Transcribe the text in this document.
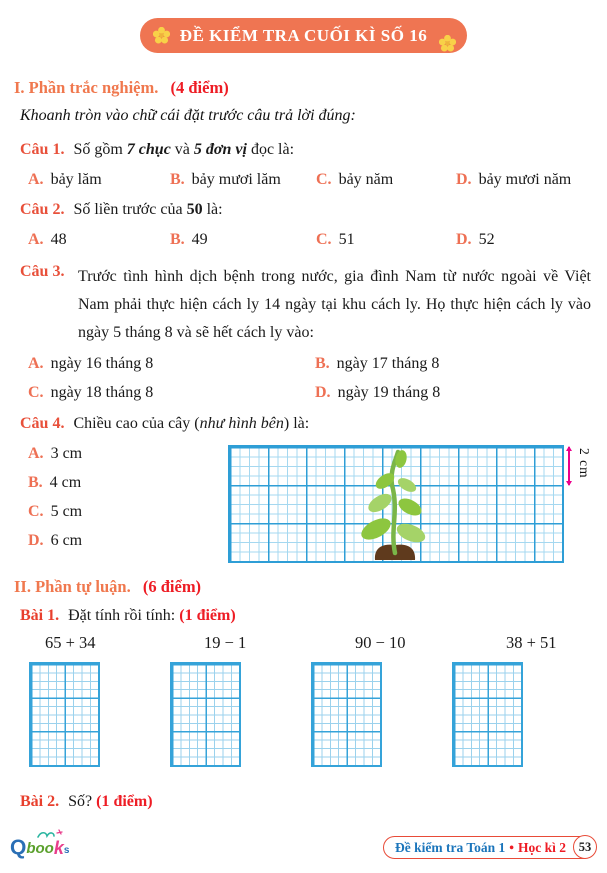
ĐỀ KIỂM TRA CUỐI KÌ SỐ 16
I. Phần trắc nghiệm. (4 điểm)
Khoanh tròn vào chữ cái đặt trước câu trả lời đúng:
Câu 1. Số gồm 7 chục và 5 đơn vị đọc là:
A. bảy lăm	B. bảy mươi lăm	C. bảy năm	D. bảy mươi năm
Câu 2. Số liền trước của 50 là:
A. 48	B. 49	C. 51	D. 52
Câu 3. Trước tình hình dịch bệnh trong nước, gia đình Nam từ nước ngoài về Việt Nam phải thực hiện cách ly 14 ngày tại khu cách ly. Họ thực hiện cách ly vào ngày 5 tháng 8 và sẽ hết cách ly vào:
A. ngày 16 tháng 8	B. ngày 17 tháng 8
C. ngày 18 tháng 8	D. ngày 19 tháng 8
Câu 4. Chiều cao của cây (như hình bên) là:
A. 3 cm
B. 4 cm
C. 5 cm
D. 6 cm
2 cm
II. Phần tự luận. (6 điểm)
Bài 1. Đặt tính rồi tính: (1 điểm)
65 + 34	19 − 1	90 − 10	38 + 51
Bài 2. Số? (1 điểm)
Q boo k s	Đề kiểm tra Toán 1 • Học kì 2	53
